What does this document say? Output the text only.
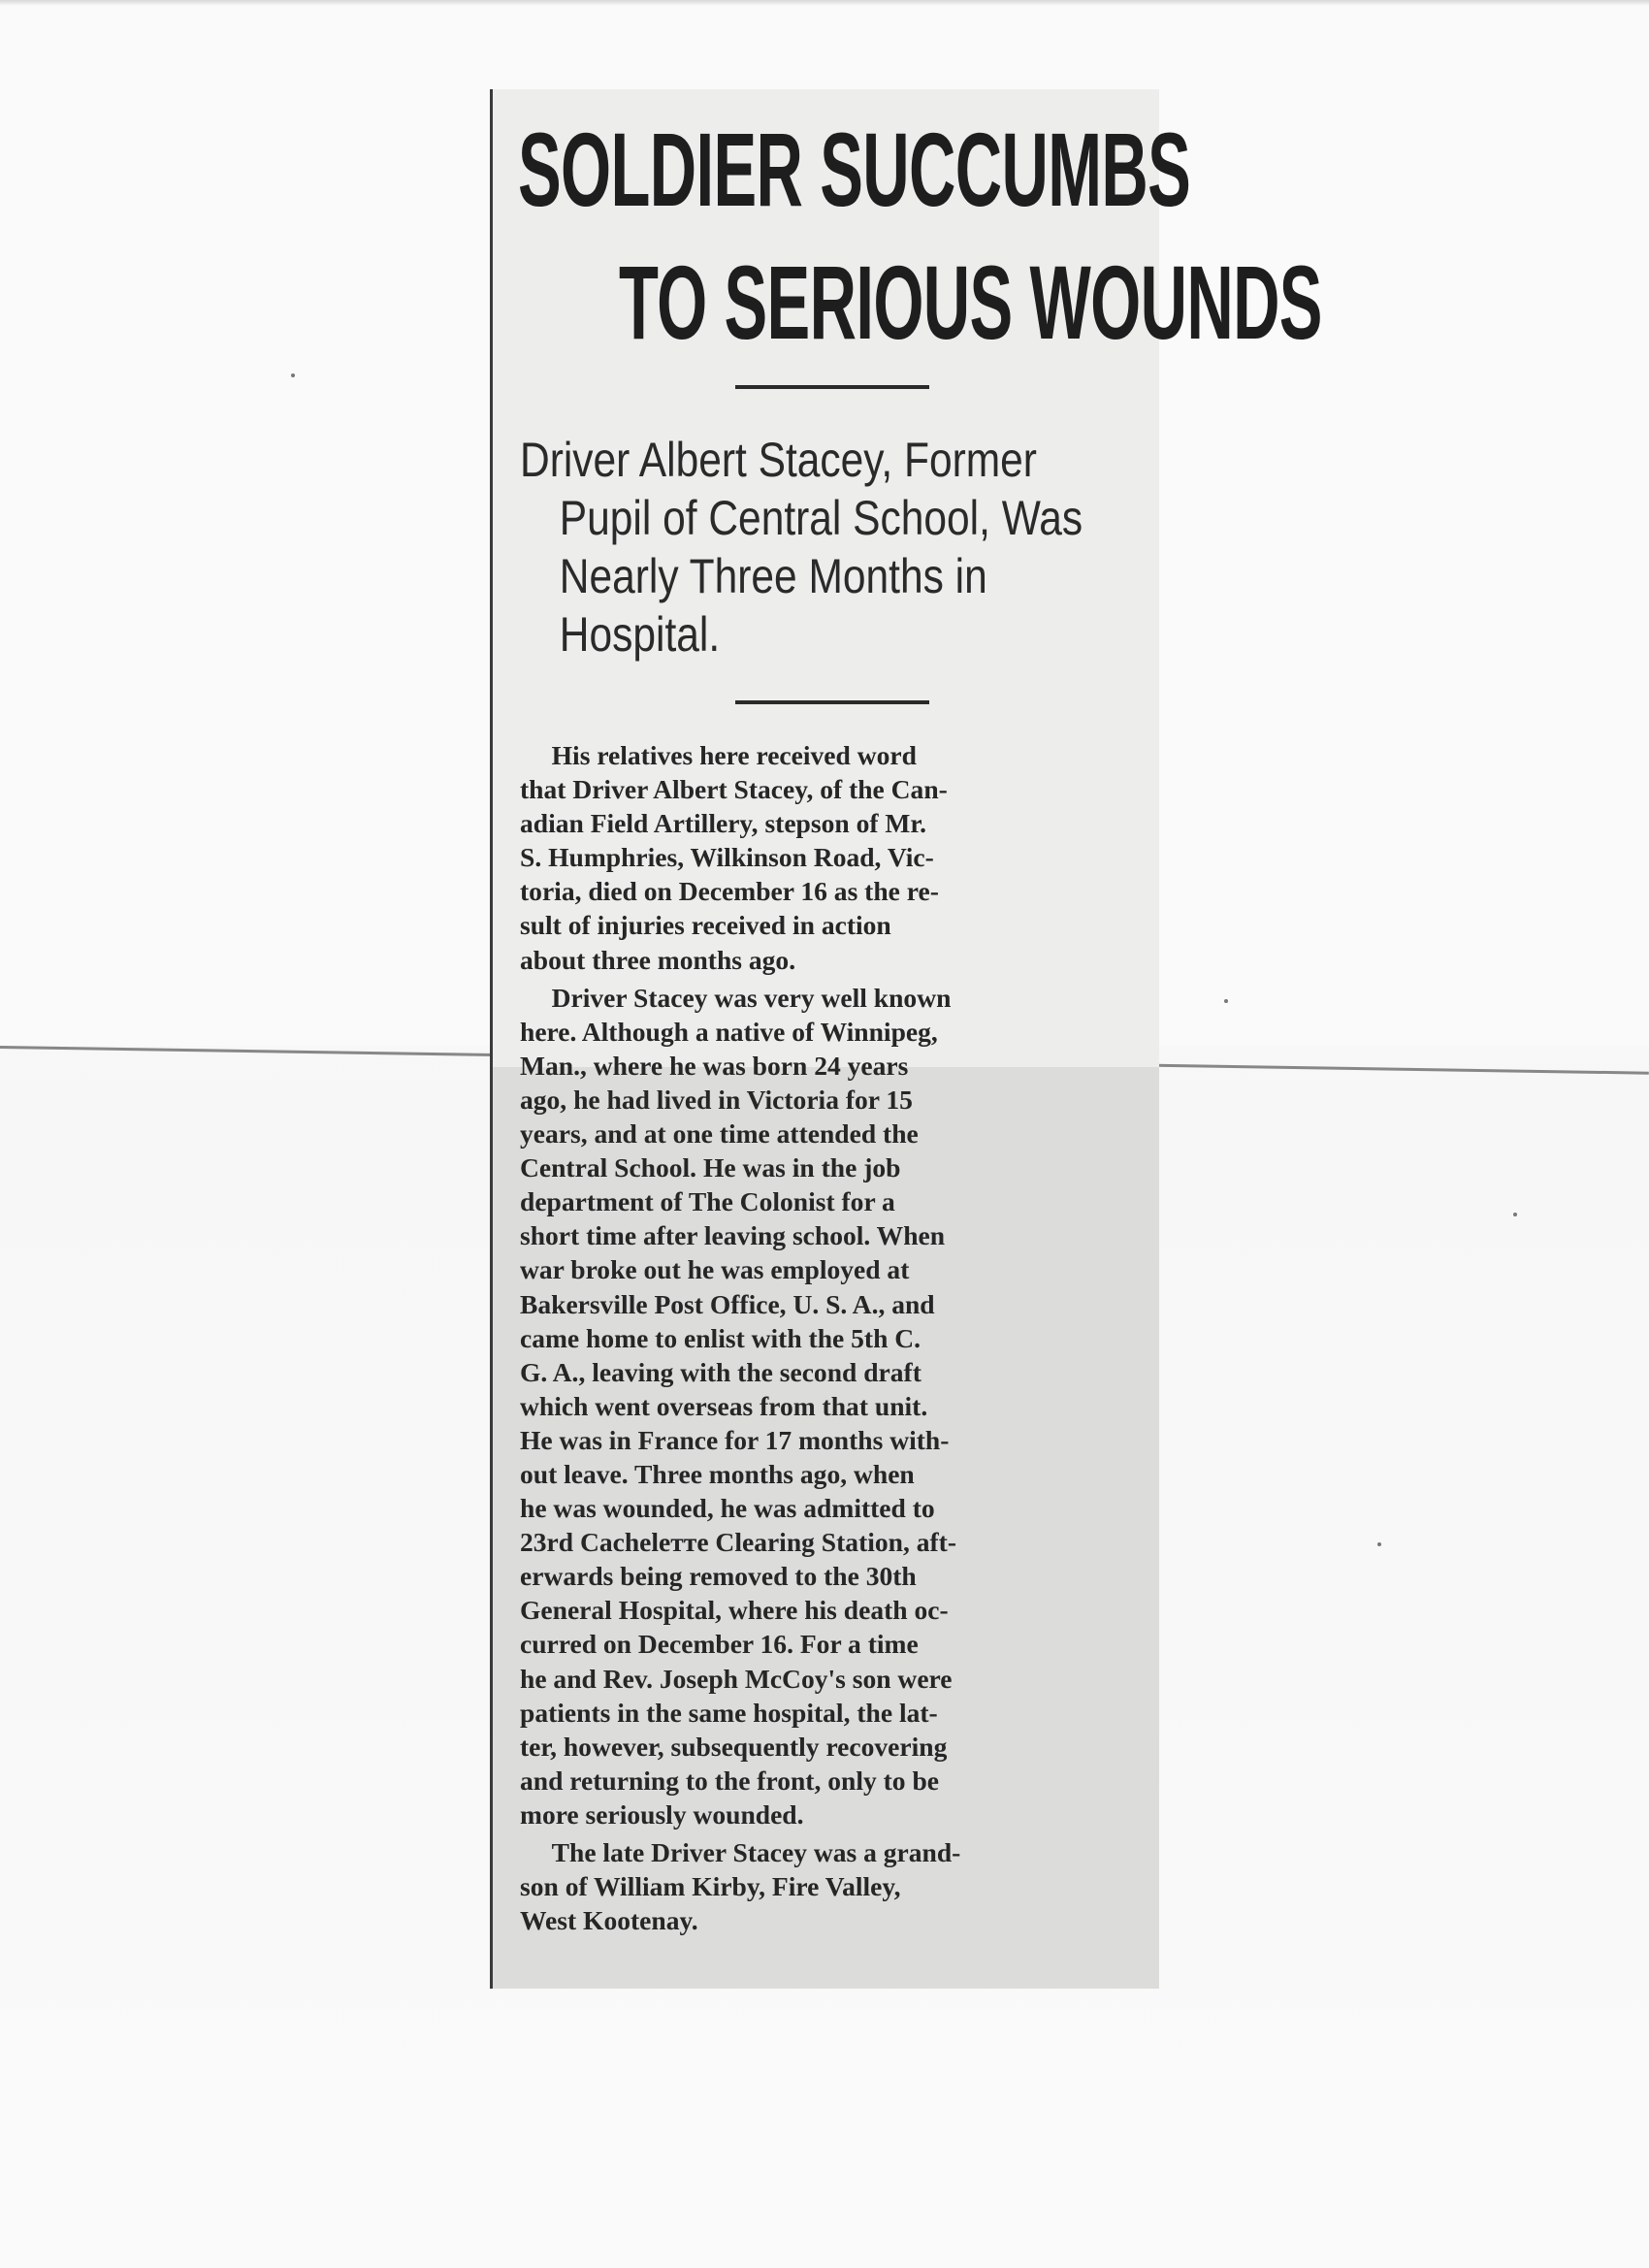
SOLDIER SUCCUMBS
TO SERIOUS WOUNDS
Driver Albert Stacey, Former
Pupil of Central School, Was
Nearly Three Months in
Hospital.
His relatives here received word
that Driver Albert Stacey, of the Can-
adian Field Artillery, stepson of Mr.
S. Humphries, Wilkinson Road, Vic-
toria, died on December 16 as the re-
sult of injuries received in action
about three months ago.
Driver Stacey was very well known
here. Although a native of Winnipeg,
Man., where he was born 24 years
ago, he had lived in Victoria for 15
years, and at one time attended the
Central School. He was in the job
department of The Colonist for a
short time after leaving school. When
war broke out he was employed at
Bakersville Post Office, U. S. A., and
came home to enlist with the 5th C.
G. A., leaving with the second draft
which went overseas from that unit.
He was in France for 17 months with-
out leave. Three months ago, when
he was wounded, he was admitted to
23rd Cacheleтте Clearing Station, aft-
erwards being removed to the 30th
General Hospital, where his death oc-
curred on December 16. For a time
he and Rev. Joseph McCoy's son were
patients in the same hospital, the lat-
ter, however, subsequently recovering
and returning to the front, only to be
more seriously wounded.
The late Driver Stacey was a grand-
son of William Kirby, Fire Valley,
West Kootenay.
